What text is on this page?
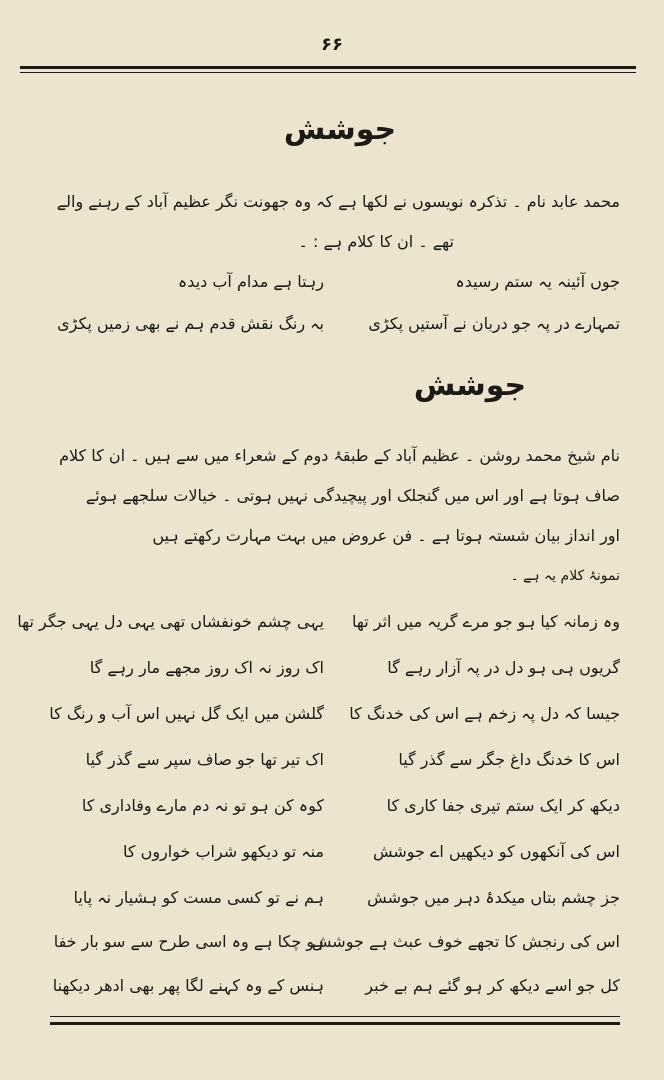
۶۶
جوشش
محمد عابد نام ۔ تذکرہ نویسوں نے لکھا ہے کہ وہ جھونت نگر عظیم آباد کے رہنے والے
تھے ۔ ان کا کلام ہے : ۔
جوں آئینہ یہ ستم رسیدہ
رہتا ہے مدام آب دیدہ
تمہارے در پہ جو دربان نے آستیں پکڑی
بہ رنگ نقش قدم ہم نے بھی زمیں پکڑی
جوشش
نام شیخ محمد روشن ۔ عظیم آباد کے طبقۂ دوم کے شعراء میں سے ہیں ۔ ان کا کلام
صاف ہوتا ہے اور اس میں گنجلک اور پیچیدگی نہیں ہوتی ۔ خیالات سلجھے ہوئے
اور انداز بیان شستہ ہوتا ہے ۔ فن عروض میں بہت مہارت رکھتے ہیں
نمونۂ کلام یہ ہے ۔
وہ زمانہ کیا ہو جو مرے گریہ میں اثر تھا
یہی چشم خونفشاں تھی یہی دل یہی جگر تھا
گریوں ہی ہو دل در پہ آزار رہے گا
اک روز نہ اک روز مجھے مار رہے گا
جیسا کہ دل پہ زخم ہے اس کی خدنگ کا
گلشن میں ایک گل نہیں اس آب و رنگ کا
اس کا خدنگ داغ جگر سے گذر گیا
اک تیر تھا جو صاف سپر سے گذر گیا
دیکھ کر ایک ستم تیری جفا کاری کا
کوہ کن ہو تو نہ دم مارے وفاداری کا
اس کی آنکھوں کو دیکھیں اے جوشش
منہ تو دیکھو شراب خواروں کا
جز چشم بتاں میکدۂ دہر میں جوشش
ہم نے تو کسی مست کو ہشیار نہ پایا
اس کی رنجش کا تجھے خوف عبث ہے جوشش
ہو چکا ہے وہ اسی طرح سے سو بار خفا
کل جو اسے دیکھ کر ہو گئے ہم بے خبر
ہنس کے وہ کہنے لگا پھر بھی ادھر دیکھنا
